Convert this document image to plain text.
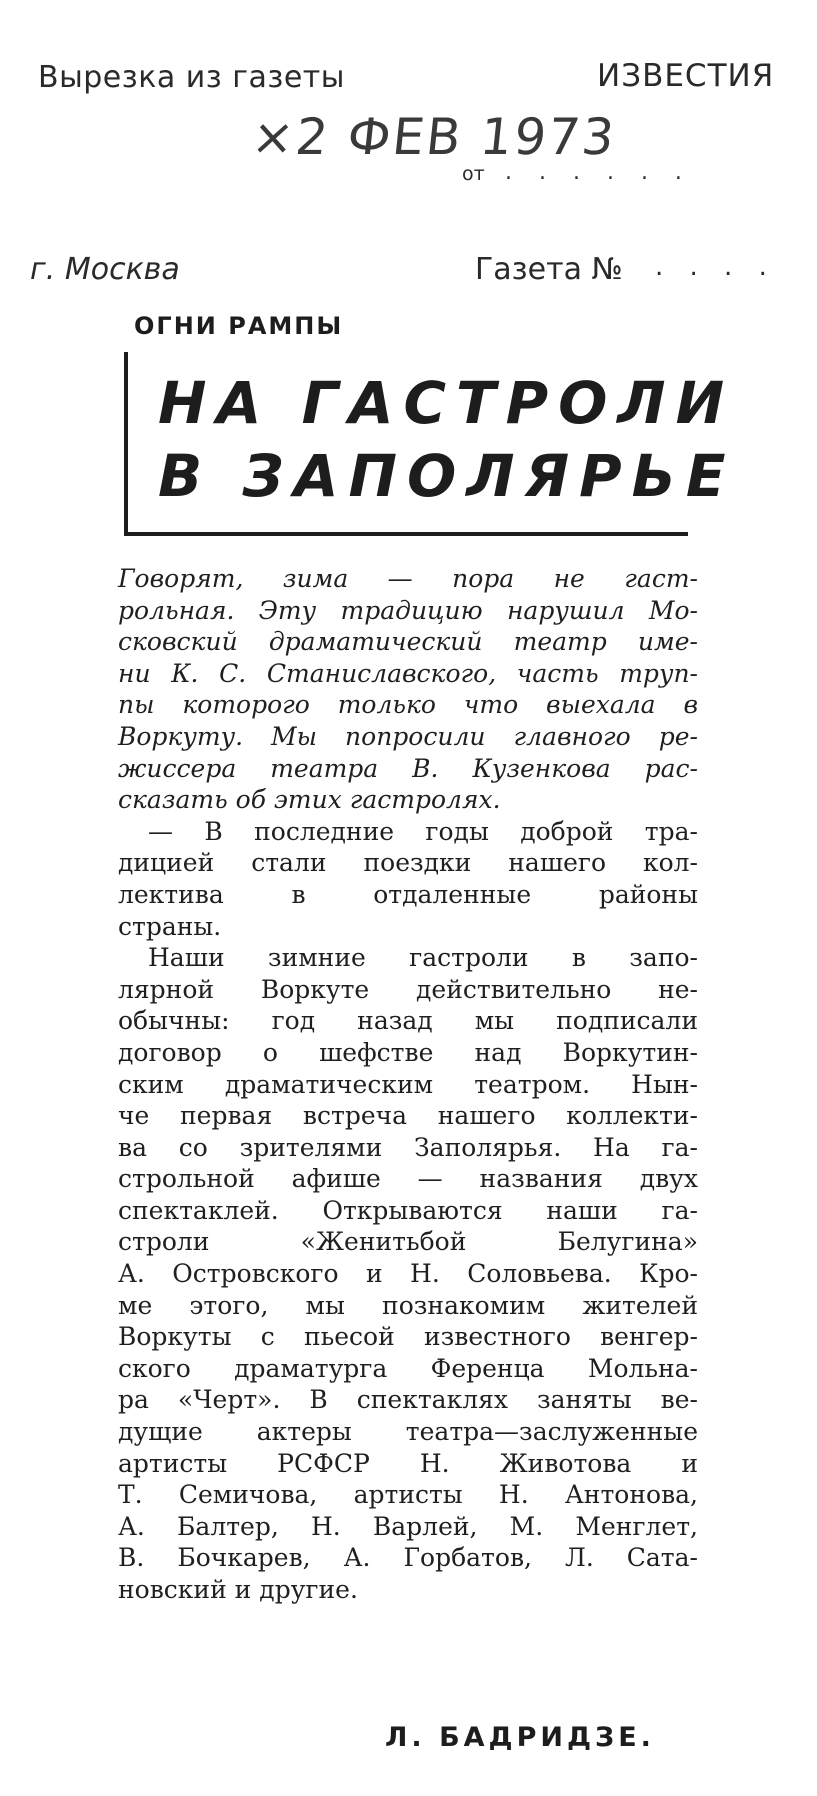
Вырезка из газеты	ИЗВЕСТИЯ
×2 ФЕВ 1973
от . . . . . .
г. Москва	Газета № . . . .
ОГНИ РАМПЫ
НА ГАСТРОЛИ
В ЗАПОЛЯРЬЕ

Говорят, зима — пора не гаст-

рольная. Эту традицию нарушил Мо-

сковский драматический театр име-

ни К. С. Станиславского, часть труп-

пы которого только что выехала в

Воркуту. Мы попросили главного ре-

жиссера театра В. Кузенкова рас-

сказать об этих гастролях.

— В последние годы доброй тра-

дицией стали поездки нашего кол-

лектива в отдаленные районы

страны.

Наши зимние гастроли в запо-

лярной Воркуте действительно не-

обычны: год назад мы подписали

договор о шефстве над Воркутин-

ским драматическим театром. Нын-

че первая встреча нашего коллекти-

ва со зрителями Заполярья. На га-

строльной афише — названия двух

спектаклей. Открываются наши га-

строли «Женитьбой Белугина»

А. Островского и Н. Соловьева. Кро-

ме этого, мы познакомим жителей

Воркуты с пьесой известного венгер-

ского драматурга Ференца Мольна-

ра «Черт». В спектаклях заняты ве-

дущие актеры театра—заслуженные

артисты РСФСР Н. Животова и

Т. Семичова, артисты Н. Антонова,

А. Балтер, Н. Варлей, М. Менглет,

В. Бочкарев, А. Горбатов, Л. Сата-

новский и другие.

Л. БАДРИДЗЕ.
